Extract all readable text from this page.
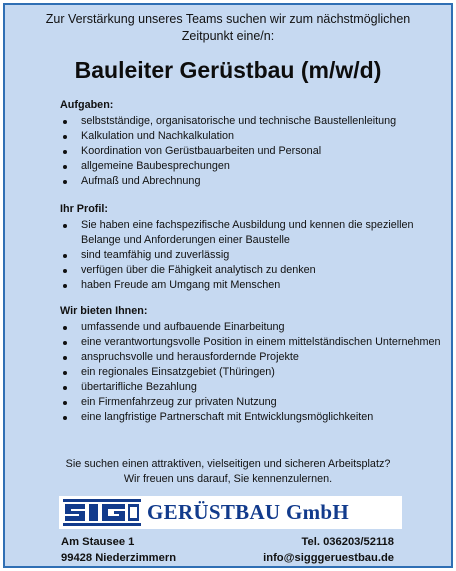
Zur Verstärkung unseres Teams suchen wir zum nächstmöglichen
Zeitpunkt eine/n:
Bauleiter Gerüstbau (m/w/d)
Aufgaben:
selbstständige, organisatorische und technische Baustellenleitung
Kalkulation und Nachkalkulation
Koordination von Gerüstbauarbeiten und Personal
allgemeine Baubesprechungen
Aufmaß und Abrechnung
Ihr Profil:
Sie haben eine fachspezifische Ausbildung und kennen die speziellen Belange und Anforderungen einer Baustelle
sind teamfähig und zuverlässig
verfügen über die Fähigkeit analytisch zu denken
haben Freude am Umgang mit Menschen
Wir bieten Ihnen:
umfassende und aufbauende Einarbeitung
eine verantwortungsvolle Position in einem mittelständischen Unternehmen
anspruchsvolle und herausfordernde Projekte
ein regionales Einsatzgebiet (Thüringen)
übertarifliche Bezahlung
ein Firmenfahrzeug zur privaten Nutzung
eine langfristige Partnerschaft mit Entwicklungsmöglichkeiten
Sie suchen einen attraktiven, vielseitigen und sicheren Arbeitsplatz?
Wir freuen uns darauf, Sie kennenzulernen.
GERÜSTBAU GmbH
Am Stausee 1
99428 Niederzimmern
Tel. 036203/52118
info@sigggeruestbau.de
